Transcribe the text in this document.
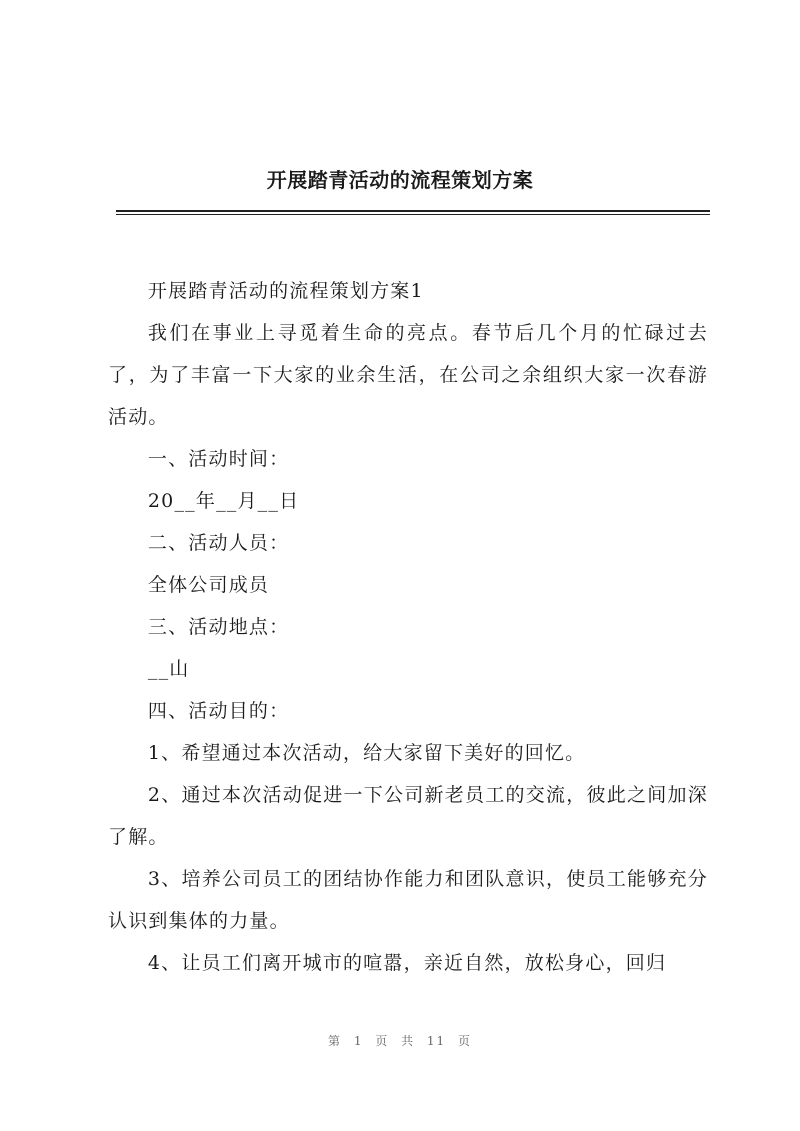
开展踏青活动的流程策划方案

开展踏青活动的流程策划方案1

我们在事业上寻觅着生命的亮点。春节后几个月的忙碌过去了，为了丰富一下大家的业余生活，在公司之余组织大家一次春游活动。

一、活动时间：

20__年__月__日

二、活动人员：

全体公司成员

三、活动地点：

__山

四、活动目的：

1、希望通过本次活动，给大家留下美好的回忆。

2、通过本次活动促进一下公司新老员工的交流，彼此之间加深了解。

3、培养公司员工的团结协作能力和团队意识，使员工能够充分认识到集体的力量。

4、让员工们离开城市的喧嚣，亲近自然，放松身心，回归

第 1 页 共 11 页
